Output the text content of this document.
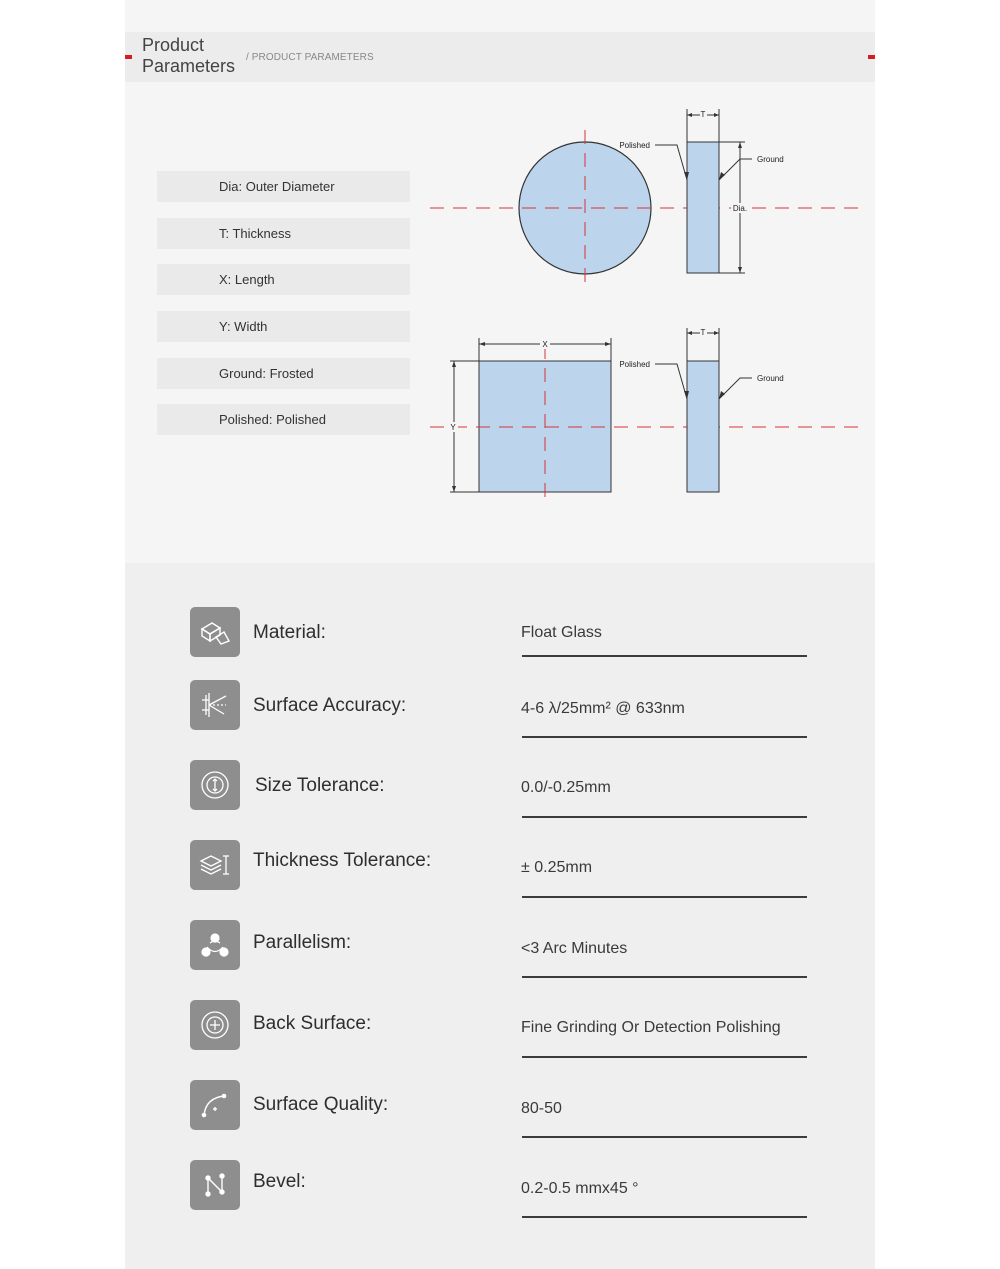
Product Parameters	/ PRODUCT PARAMETERS
Dia: Outer Diameter
T: Thickness
X: Length
Y: Width
Ground: Frosted
Polished: Polished
T
Dia.
Polished
Ground
X
Y
T
Polished
Ground
Material:	Float Glass
Surface Accuracy:	4-6 λ/25mm² @ 633nm
Size Tolerance:	0.0/-0.25mm
Thickness Tolerance:	± 0.25mm
Parallelism:	<3 Arc Minutes
Back Surface:	Fine Grinding Or Detection Polishing
Surface Quality:	80-50
Bevel:	0.2-0.5 mmx45 °
